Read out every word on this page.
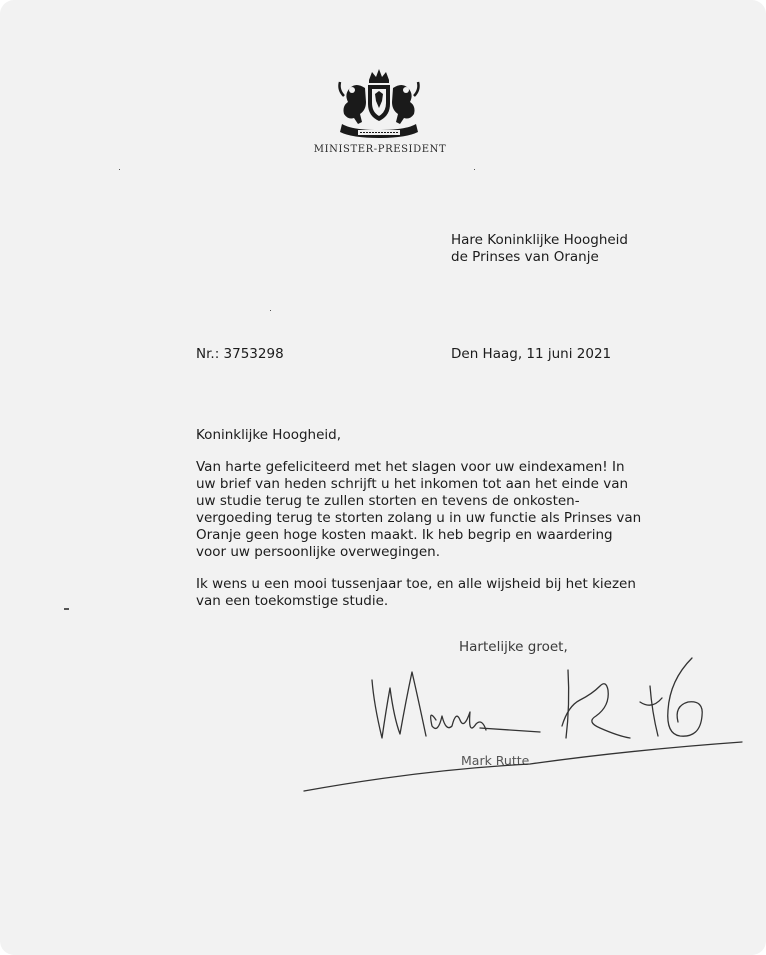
MINISTER-PRESIDENT
Hare Koninklijke Hoogheid
de Prinses van Oranje
Nr.: 3753298	Den Haag, 11 juni 2021
Koninklijke Hoogheid,
Van harte gefeliciteerd met het slagen voor uw eindexamen! In
uw brief van heden schrijft u het inkomen tot aan het einde van
uw studie terug te zullen storten en tevens de onkosten-
vergoeding terug te storten zolang u in uw functie als Prinses van
Oranje geen hoge kosten maakt. Ik heb begrip en waardering
voor uw persoonlijke overwegingen.
Ik wens u een mooi tussenjaar toe, en alle wijsheid bij het kiezen
van een toekomstige studie.
Hartelijke groet,
Mark Rutte
